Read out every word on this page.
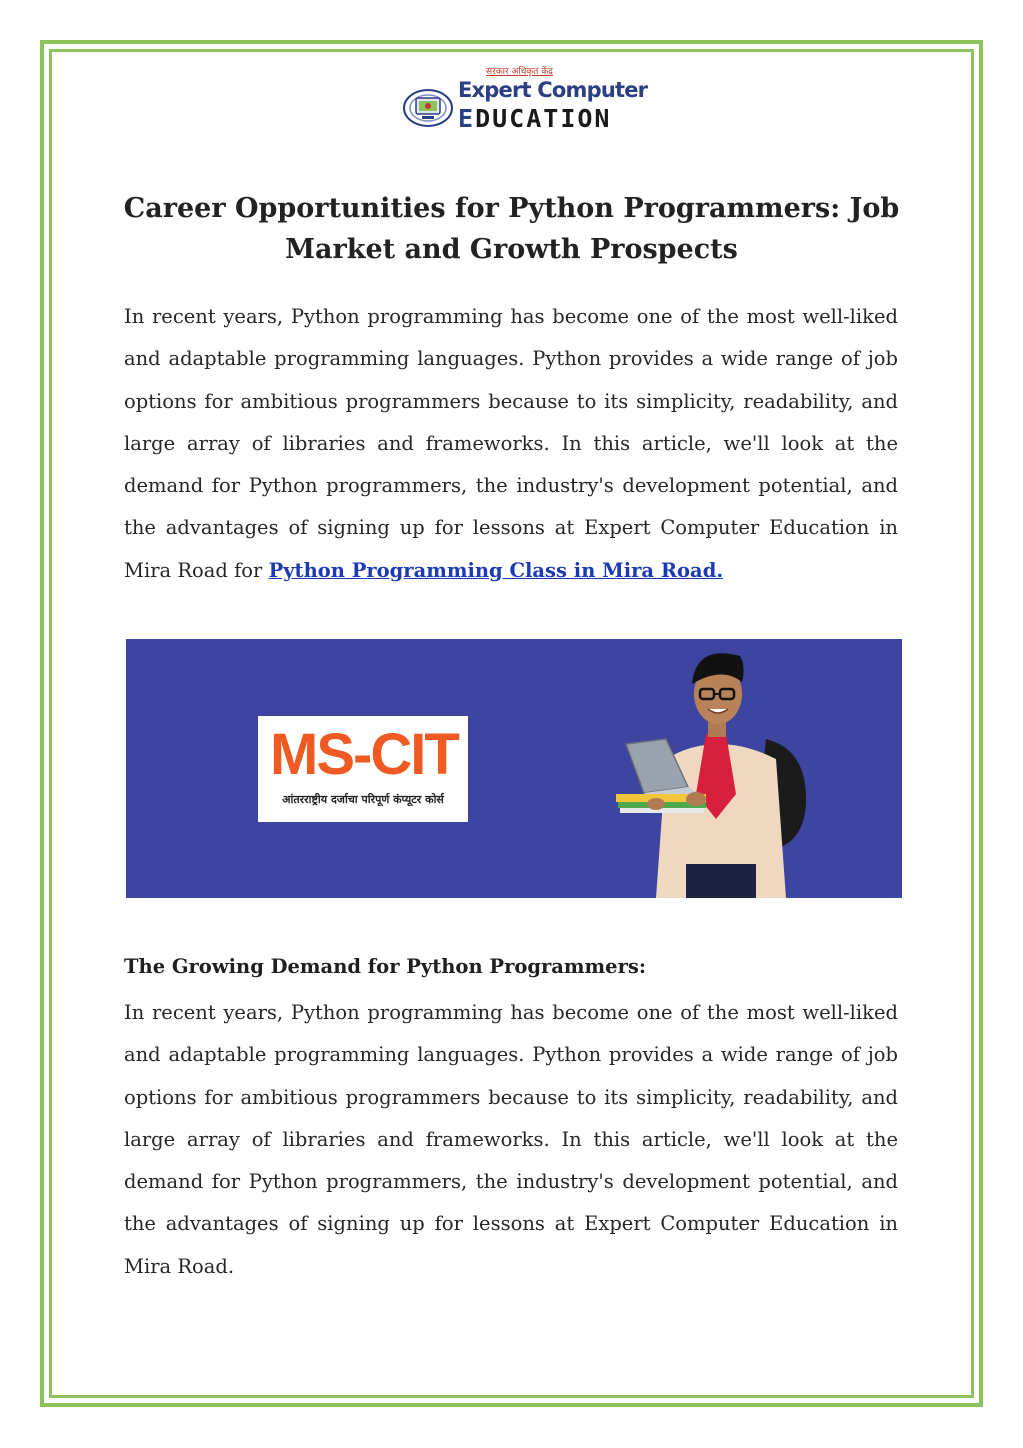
सरकार अधिकृत केंद्र
Expert Computer
EDUCATION
Career Opportunities for Python Programmers: Job Market and Growth Prospects

In recent years, Python programming has become one of the most well-liked and adaptable programming languages. Python provides a wide range of job options for ambitious programmers because to its simplicity, readability, and large array of libraries and frameworks. In this article, we'll look at the demand for Python programmers, the industry's development potential, and the advantages of signing up for lessons at Expert Computer Education in Mira Road for Python Programming Class in Mira Road.

MS-CIT
आंतरराष्ट्रीय दर्जाचा परिपूर्ण कंप्यूटर कोर्स
The Growing Demand for Python Programmers:

In recent years, Python programming has become one of the most well-liked and adaptable programming languages. Python provides a wide range of job options for ambitious programmers because to its simplicity, readability, and large array of libraries and frameworks. In this article, we'll look at the demand for Python programmers, the industry's development potential, and the advantages of signing up for lessons at Expert Computer Education in Mira Road.
